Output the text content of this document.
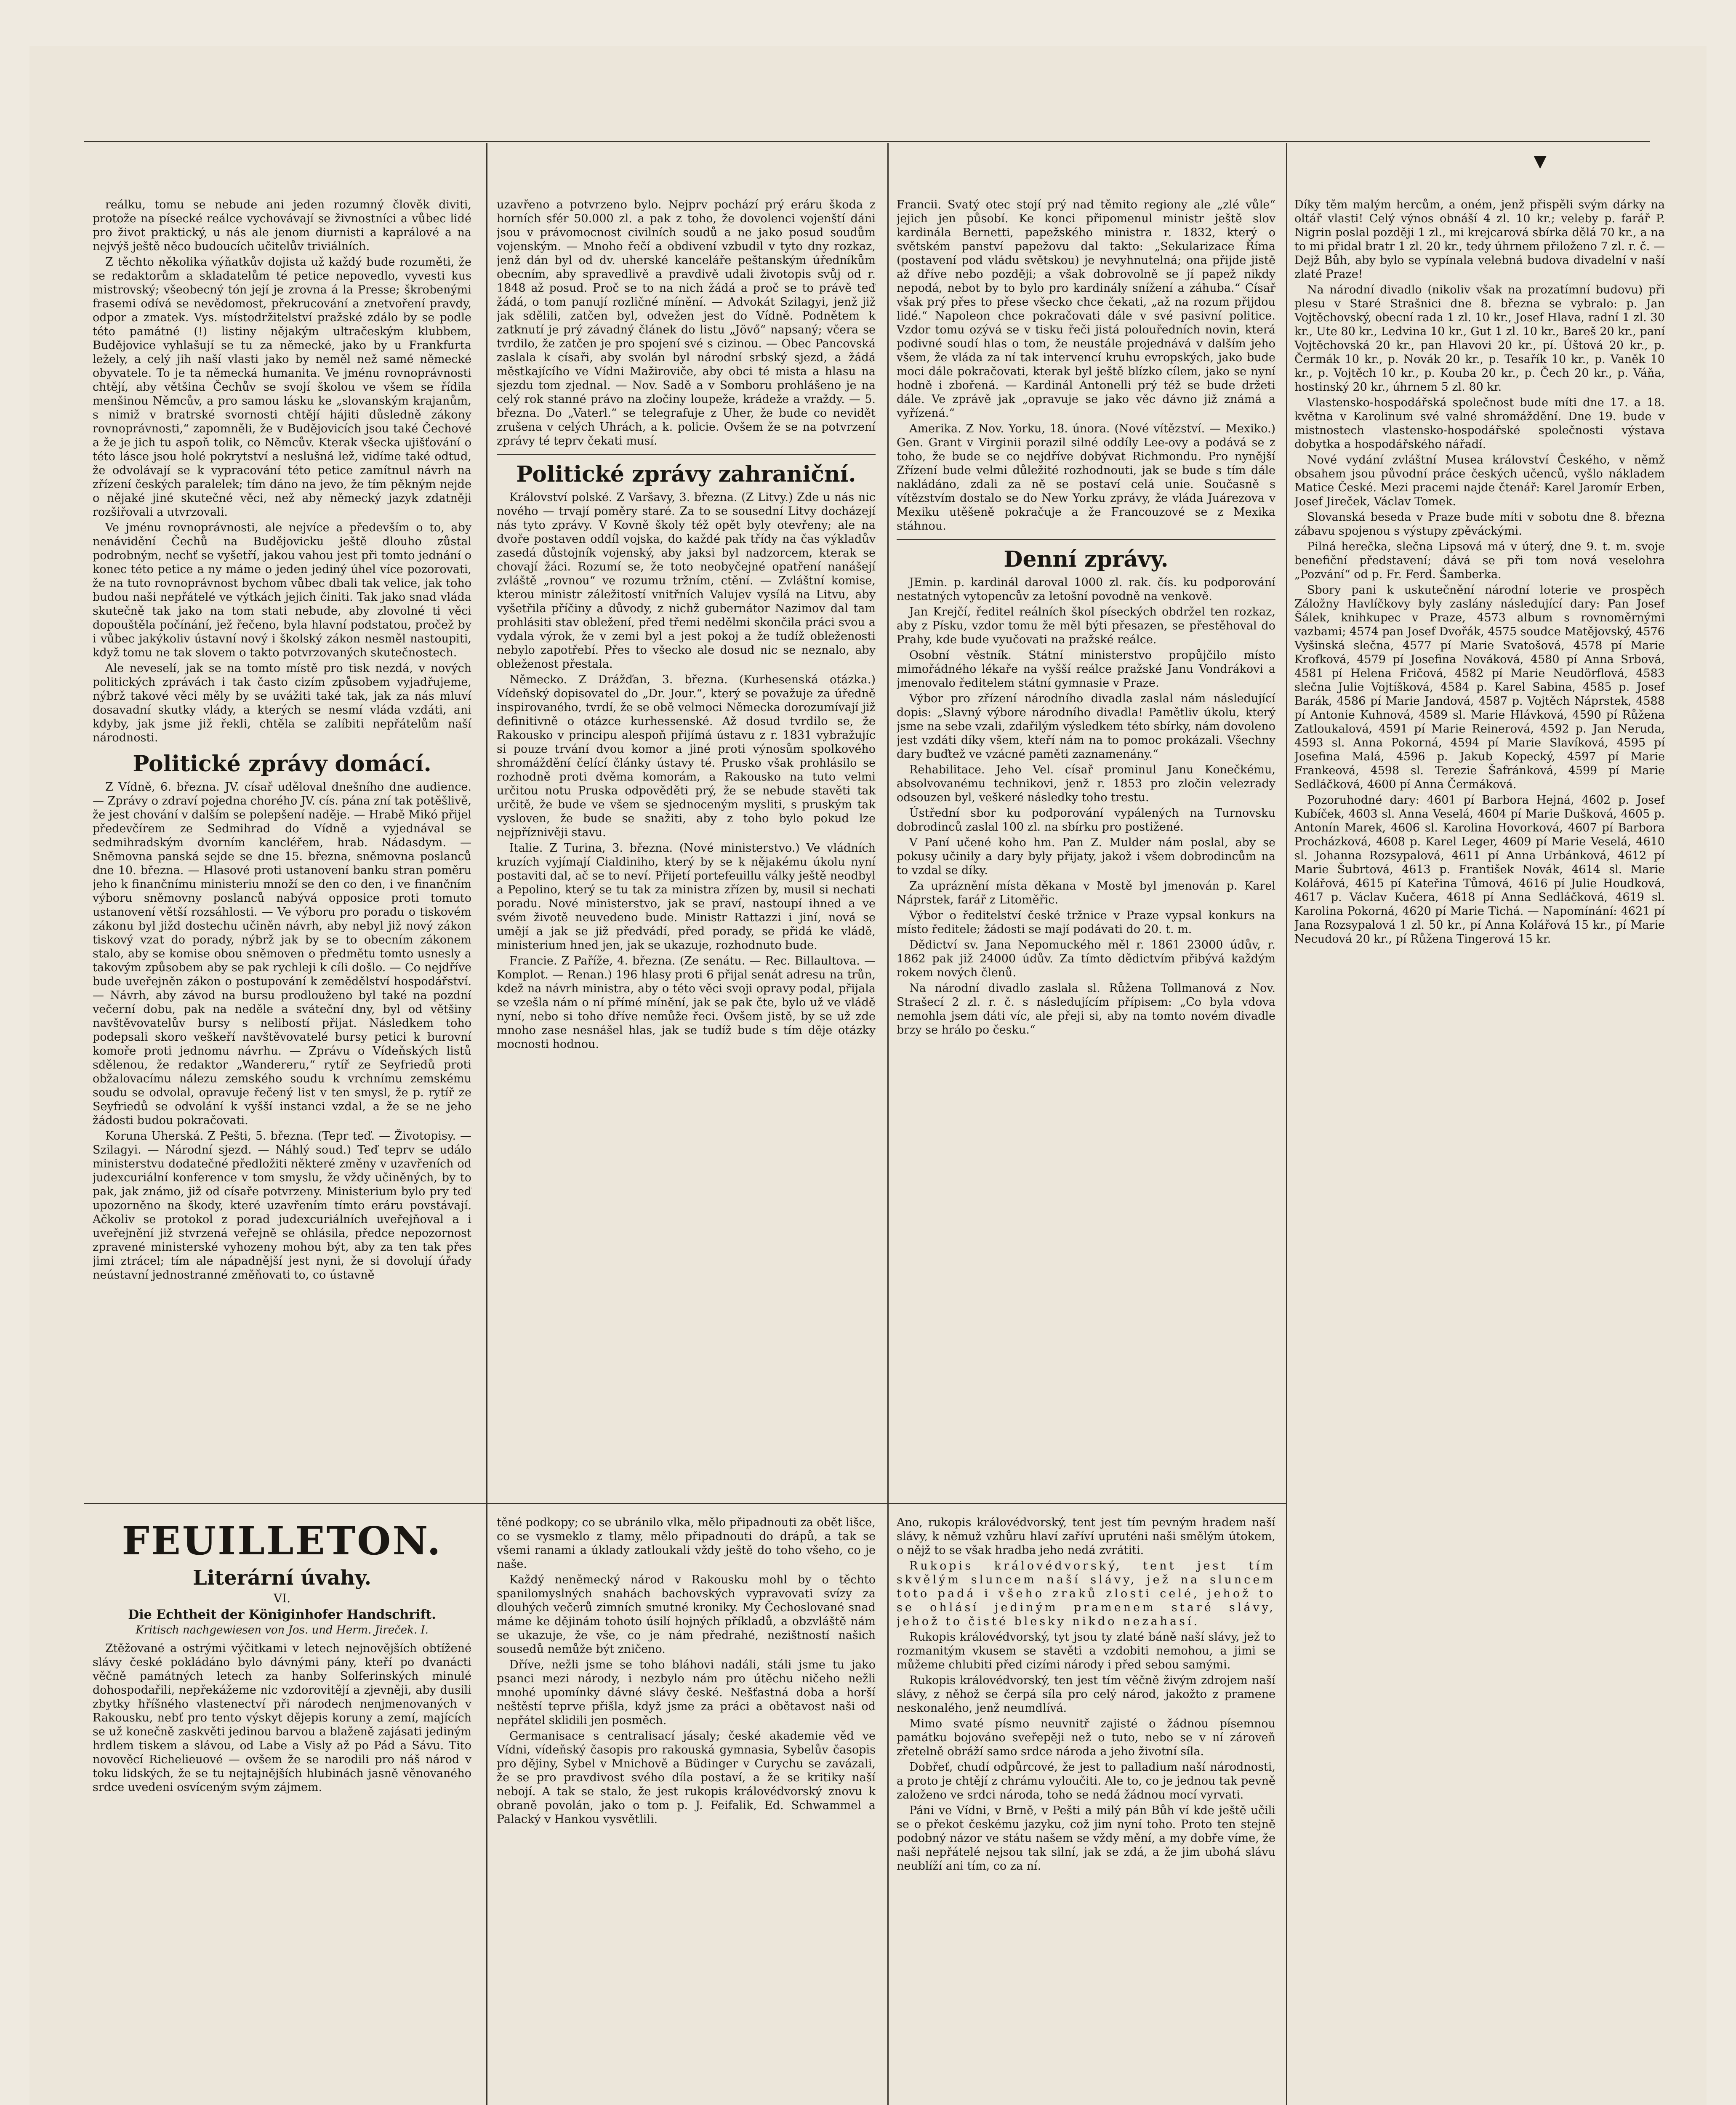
▼

reálku, tomu se nebude ani jeden rozumný člověk diviti, protože na písecké reálce vychovávají se živnostníci a vůbec lidé pro život praktický, u nás ale jenom diurnisti a kaprálové a na nejvýš ještě něco budoucích učitelův triviálních.

Z těchto několika výňatkův dojista už každý bude rozuměti, že se redaktorům a skladatelům té petice nepovedlo, vyvesti kus mistrovský; všeobecný tón její je zrovna á la Presse; škrobenými frasemi odívá se nevědomost, překrucování a znetvoření pravdy, odpor a zmatek. Vys. místodržitelství pražské zdálo by se podle této památné (!) listiny nějakým ultračeským klubbem, Budějovice vyhlašují se tu za německé, jako by u Frankfurta ležely, a celý jih naší vlasti jako by neměl než samé německé obyvatele. To je ta německá humanita. Ve jménu rovnoprávnosti chtějí, aby většina Čechův se svojí školou ve všem se řídila menšinou Němcův, a pro samou lásku ke „slovanským krajanům, s nimiž v bratrské svornosti chtějí hájiti důsledně zákony rovnoprávnosti,“ zapomněli, že v Budějovicích jsou také Čechové a že je jich tu aspoň tolik, co Němcův. Kterak všecka ujišťování o této lásce jsou holé pokrytství a neslušná lež, vidíme také odtud, že odvolávají se k vypracování této petice zamítnul návrh na zřízení českých paralelek; tím dáno na jevo, že tím pěkným nejde o nějaké jiné skutečné věci, než aby německý jazyk zdatněji rozšiřovali a utvrzovali.

Ve jménu rovnoprávnosti, ale nejvíce a především o to, aby nenávidění Čechů na Budějovicku ještě dlouho zůstal podrobným, nechť se vyšetří, jakou vahou jest při tomto jednání o konec této petice a ny máme o jeden jediný úhel více pozorovati, že na tuto rovnoprávnost bychom vůbec dbali tak velice, jak toho budou naši nepřátelé ve výtkách jejich činiti. Tak jako snad vláda skutečně tak jako na tom stati nebude, aby zlovolné ti věci dopouštěla počínání, jež řečeno, byla hlavní podstatou, pročež by i vůbec jakýkoliv ústavní nový i školský zákon nesměl nastoupiti, když tomu ne tak slovem o takto potvrzovaných skutečnostech.

Ale neveselí, jak se na tomto místě pro tisk nezdá, v nových politických zprávách i tak často cizím způsobem vyjadřujeme, nýbrž takové věci měly by se uvážiti také tak, jak za nás mluví dosavadní skutky vlády, a kterých se nesmí vláda vzdáti, ani kdyby, jak jsme již řekli, chtěla se zalíbiti nepřátelům naší národnosti.

Politické zprávy domácí.

Z Vídně, 6. března. JV. císař uděloval dnešního dne audience. — Zprávy o zdraví pojedna chorého JV. cís. pána zní tak potěšlivě, že jest chování v dalším se polepšení naděje. — Hrabě Mikó přijel předevčírem ze Sedmihrad do Vídně a vyjednával se sedmihradským dvorním kancléřem, hrab. Nádasdym. — Sněmovna panská sejde se dne 15. března, sněmovna poslanců dne 10. března. — Hlasové proti ustanovení banku stran poměru jeho k finančnímu ministeriu množí se den co den, i ve finančním výboru sněmovny poslanců nabývá opposice proti tomuto ustanovení větší rozsáhlosti. — Ve výboru pro poradu o tiskovém zákonu byl jižd dostechu učiněn návrh, aby nebyl již nový zákon tiskový vzat do porady, nýbrž jak by se to obecním zákonem stalo, aby se komise obou sněmoven o předmětu tomto usnesly a takovým způsobem aby se pak rychleji k cíli došlo. — Co nejdříve bude uveřejněn zákon o postupování k zemědělství hospodářství. — Návrh, aby závod na bursu prodlouženo byl také na pozdní večerní dobu, pak na neděle a sváteční dny, byl od většiny navštěvovatelův bursy s nelibostí přijat. Následkem toho podepsali skoro veškeří navštěvovatelé bursy petici k burovní komoře proti jednomu návrhu. — Zprávu o Vídeňských listů sdělenou, že redaktor „Wandereru,“ rytíř ze Seyfriedů proti obžalovacímu nálezu zemského soudu k vrchnímu zemskému soudu se odvolal, opravuje řečený list v ten smysl, že p. rytíř ze Seyfriedů se odvolání k vyšší instanci vzdal, a že se ne jeho žádosti budou pokračovati.

Koruna Uherská. Z Pešti, 5. března. (Tepr teď. — Životopisy. — Szilagyi. — Národní sjezd. — Náhlý soud.) Teď teprv se událo ministerstvu dodatečné předložiti některé změny v uzavřeních od judexcuriální konference v tom smyslu, že vždy učiněných, by to pak, jak známo, již od císaře potvrzeny. Ministerium bylo pry teď upozorněno na škody, které uzavřením tímto eráru povstávají. Ačkoliv se protokol z porad judexcuriálních uveřejňoval a i uveřejnění již stvrzená veřejně se ohlásila, předce nepozornost zpravené ministerské vyhozeny mohou být, aby za ten tak přes jimi ztrácel; tím ale nápadnější jest nyni, že si dovolují úřady neústavní jednostranné změňovati to, co ústavně

uzavřeno a potvrzeno bylo. Nejprv pochází prý eráru škoda z horních sfér 50.000 zl. a pak z toho, že dovolenci vojenští dáni jsou v právomocnost civilních soudů a ne jako posud soudům vojenským. — Mnoho řečí a obdivení vzbudil v tyto dny rozkaz, jenž dán byl od dv. uherské kanceláře peštanským úředníkům obecním, aby spravedlivě a pravdivě udali životopis svůj od r. 1848 až posud. Proč se to na nich žádá a proč se to právě teď žádá, o tom panují rozličné mínění. — Advokát Szilagyi, jenž již jak sdělili, zatčen byl, odvežen jest do Vídně. Podnětem k zatknutí je prý závadný článek do listu „Jövő“ napsaný; včera se tvrdilo, že zatčen je pro spojení své s cizinou. — Obec Pancovská zaslala k císaři, aby svolán byl národní srbský sjezd, a žádá městkajícího ve Vídni Mažiroviče, aby obci té mista a hlasu na sjezdu tom zjednal. — Nov. Sadě a v Somboru prohlášeno je na celý rok stanné právo na zločiny loupeže, krádeže a vraždy. — 5. března. Do „Vaterl.“ se telegrafuje z Uher, že bude co nevidět zrušena v celých Uhrách, a k. policie. Ovšem že se na potvrzení zprávy té teprv čekati musí.

Politické zprávy zahraniční.

Království polské. Z Varšavy, 3. března. (Z Litvy.) Zde u nás nic nového — trvají poměry staré. Za to se sousední Litvy docházejí nás tyto zprávy. V Kovně školy též opět byly otevřeny; ale na dvoře postaven oddíl vojska, do každé pak třídy na čas výkladův zasedá důstojník vojenský, aby jaksi byl nadzorcem, kterak se chovají žáci. Rozumí se, že toto neobyčejné opatření nanášejí zvláště „rovnou“ ve rozumu tržním, ctění. — Zvláštní komise, kterou ministr záležitostí vnitřních Valujev vysílá na Litvu, aby vyšetřila příčiny a důvody, z nichž gubernátor Nazimov dal tam prohlásiti stav obležení, před třemi nedělmi skončila práci svou a vydala výrok, že v zemi byl a jest pokoj a že tudíž obleženosti nebylo zapotřebí. Přes to všecko ale dosud nic se neznalo, aby obleženost přestala.

Německo. Z Drážďan, 3. března. (Kurhesenská otázka.) Vídeňský dopisovatel do „Dr. Jour.“, který se považuje za úředně inspirovaného, tvrdí, že se obě velmoci Německa dorozumívají již definitivně o otázce kurhessenské. Až dosud tvrdilo se, že Rakousko v principu alespoň přijímá ústavu z r. 1831 vybražujíc si pouze trvání dvou komor a jiné proti výnosům spolkového shromáždění čelící články ústavy té. Prusko však prohlásilo se rozhodně proti dvěma komorám, a Rakousko na tuto velmi určitou notu Pruska odpověděti prý, že se nebude stavěti tak určitě, že bude ve všem se sjednoceným mysliti, s pruským tak vysloven, že bude se snažiti, aby z toho bylo pokud lze nejpříznivěji stavu.

Italie. Z Turina, 3. března. (Nové ministerstvo.) Ve vládních kruzích vyjímají Cialdiniho, který by se k nějakému úkolu nyní postaviti dal, ač se to neví. Přijetí portefeuillu války ještě neodbyl a Pepolino, který se tu tak za ministra zřízen by, musil si nechati poradu. Nové ministerstvo, jak se praví, nastoupí ihned a ve svém životě neuvedeno bude. Ministr Rattazzi i jiní, nová se umějí a jak se již předvádí, před porady, se přidá ke vládě, ministerium hned jen, jak se ukazuje, rozhodnuto bude.

Francie. Z Paříže, 4. března. (Ze senátu. — Rec. Billaultova. — Komplot. — Renan.) 196 hlasy proti 6 přijal senát adresu na trůn, kdež na návrh ministra, aby o této věci svoji opravy podal, přijala se vzešla nám o ní přímé mínění, jak se pak čte, bylo už ve vládě nyní, nebo si toho dříve nemůže řeci. Ovšem jistě, by se už zde mnoho zase nesnášel hlas, jak se tudíž bude s tím děje otázky mocnosti hodnou.

Francii. Svatý otec stojí prý nad těmito regiony ale „zlé vůle“ jejich jen působí. Ke konci připomenul ministr ještě slov kardinála Bernetti, papežského ministra r. 1832, který o světském panství papežovu dal takto: „Sekularizace Říma (postavení pod vládu světskou) je nevyhnutelná; ona přijde jistě až dříve nebo později; a však dobrovolně se jí papež nikdy nepodá, nebot by to bylo pro kardinály snížení a záhuba.“ Císař však prý přes to přese všecko chce čekati, „až na rozum přijdou lidé.“ Napoleon chce pokračovati dále v své pasivní politice. Vzdor tomu ozývá se v tisku řeči jistá polouředních novin, která podivné soudí hlas o tom, že neustále projednává v dalším jeho všem, že vláda za ní tak intervencí kruhu evropských, jako bude moci dále pokračovati, kterak byl ještě blízko cílem, jako se nyní hodně i zbořená. — Kardinál Antonelli prý též se bude držeti dále. Ve zprávě jak „opravuje se jako věc dávno již známá a vyřízená.“

Amerika. Z Nov. Yorku, 18. února. (Nové vítězství. — Mexiko.) Gen. Grant v Virginii porazil silné oddíly Lee-ovy a podává se z toho, že bude se co nejdříve dobývat Richmondu. Pro nynější Zřízení bude velmi důležité rozhodnouti, jak se bude s tím dále nakládáno, zdali za ně se postaví celá unie. Současně s vítězstvím dostalo se do New Yorku zprávy, že vláda Juárezova v Mexiku utěšeně pokračuje a že Francouzové se z Mexika stáhnou.

Denní zprávy.

JEmin. p. kardinál daroval 1000 zl. rak. čís. ku podporování nestatných vytopencův za letošní povodně na venkově.

Jan Krejčí, ředitel reálních škol píseckých obdržel ten rozkaz, aby z Písku, vzdor tomu že měl býti přesazen, se přestěhoval do Prahy, kde bude vyučovati na pražské reálce.

Osobní věstník. Státní ministerstvo propůjčilo místo mimořádného lékaře na vyšší reálce pražské Janu Vondrákovi a jmenovalo ředitelem státní gymnasie v Praze.

Výbor pro zřízení národního divadla zaslal nám následující dopis: „Slavný výbore národního divadla! Pamětliv úkolu, který jsme na sebe vzali, zdařilým výsledkem této sbírky, nám dovoleno jest vzdáti díky všem, kteří nám na to pomoc prokázali. Všechny dary buďtež ve vzácné paměti zaznamenány.“

Rehabilitace. Jeho Vel. císař prominul Janu Konečkému, absolvovanému technikovi, jenž r. 1853 pro zločin velezrady odsouzen byl, veškeré následky toho trestu.

Ústřední sbor ku podporování vypálených na Turnovsku dobrodinců zaslal 100 zl. na sbírku pro postižené.

V Paní učené koho hm. Pan Z. Mulder nám poslal, aby se pokusy učinily a dary byly přijaty, jakož i všem dobrodincům na to vzdal se díky.

Za upráznění místa děkana v Mostě byl jmenován p. Karel Náprstek, farář z Litoměřic.

Výbor o ředitelství české tržnice v Praze vypsal konkurs na místo ředitele; žádosti se mají podávati do 20. t. m.

Dědictví sv. Jana Nepomuckého měl r. 1861 23000 údův, r. 1862 pak již 24000 údův. Za tímto dědictvím přibývá každým rokem nových členů.

Na národní divadlo zaslala sl. Růžena Tollmanová z Nov. Strašecí 2 zl. r. č. s následujícím přípisem: „Co byla vdova nemohla jsem dáti víc, ale přeji si, aby na tomto novém divadle brzy se hrálo po česku.“

Díky těm malým hercům, a oném, jenž přispěli svým dárky na oltář vlasti! Celý výnos obnáší 4 zl. 10 kr.; veleby p. farář P. Nigrin poslal později 1 zl., mi krejcarová sbírka dělá 70 kr., a na to mi přidal bratr 1 zl. 20 kr., tedy úhrnem přiloženo 7 zl. r. č. — Dejž Bůh, aby bylo se vypínala velebná budova divadelní v naší zlaté Praze!

Na národní divadlo (nikoliv však na prozatímní budovu) při plesu v Staré Strašnici dne 8. března se vybralo: p. Jan Vojtěchovský, obecní rada 1 zl. 10 kr., Josef Hlava, radní 1 zl. 30 kr., Ute 80 kr., Ledvina 10 kr., Gut 1 zl. 10 kr., Bareš 20 kr., paní Vojtěchovská 20 kr., pan Hlavovi 20 kr., pí. Úštová 20 kr., p. Čermák 10 kr., p. Novák 20 kr., p. Tesařík 10 kr., p. Vaněk 10 kr., p. Vojtěch 10 kr., p. Kouba 20 kr., p. Čech 20 kr., p. Váňa, hostinský 20 kr., úhrnem 5 zl. 80 kr.

Vlastensko-hospodářská společnost bude míti dne 17. a 18. května v Karolinum své valné shromáždění. Dne 19. bude v mistnostech vlastensko-hospodářské společnosti výstava dobytka a hospodářského nářadí.

Nové vydání zvláštní Musea království Českého, v němž obsahem jsou původní práce českých učenců, vyšlo nákladem Matice České. Mezi pracemi najde čtenář: Karel Jaromír Erben, Josef Jireček, Václav Tomek.

Slovanská beseda v Praze bude míti v sobotu dne 8. března zábavu spojenou s výstupy zpěváckými.

Pilná herečka, slečna Lipsová má v úterý, dne 9. t. m. svoje benefiční představení; dává se při tom nová veselohra „Pozvání“ od p. Fr. Ferd. Šamberka.

Sbory pani k uskutečnění národní loterie ve prospěch Záložny Havlíčkovy byly zaslány následující dary: Pan Josef Šálek, knihkupec v Praze, 4573 album s rovnoměrnými vazbami; 4574 pan Josef Dvořák, 4575 soudce Matějovský, 4576 Vyšinská slečna, 4577 pí Marie Svatošová, 4578 pí Marie Krofková, 4579 pí Josefina Nováková, 4580 pí Anna Srbová, 4581 pí Helena Fričová, 4582 pí Marie Neudörflová, 4583 slečna Julie Vojtíšková, 4584 p. Karel Sabina, 4585 p. Josef Barák, 4586 pí Marie Jandová, 4587 p. Vojtěch Náprstek, 4588 pí Antonie Kuhnová, 4589 sl. Marie Hlávková, 4590 pí Růžena Zatloukalová, 4591 pí Marie Reinerová, 4592 p. Jan Neruda, 4593 sl. Anna Pokorná, 4594 pí Marie Slavíková, 4595 pí Josefina Malá, 4596 p. Jakub Kopecký, 4597 pí Marie Frankeová, 4598 sl. Terezie Šafránková, 4599 pí Marie Sedláčková, 4600 pí Anna Čermáková.

Pozoruhodné dary: 4601 pí Barbora Hejná, 4602 p. Josef Kubíček, 4603 sl. Anna Veselá, 4604 pí Marie Dušková, 4605 p. Antonín Marek, 4606 sl. Karolina Hovorková, 4607 pí Barbora Procházková, 4608 p. Karel Leger, 4609 pí Marie Veselá, 4610 sl. Johanna Rozsypalová, 4611 pí Anna Urbánková, 4612 pí Marie Šubrtová, 4613 p. František Novák, 4614 sl. Marie Kolářová, 4615 pí Kateřina Tůmová, 4616 pí Julie Houdková, 4617 p. Václav Kučera, 4618 pí Anna Sedláčková, 4619 sl. Karolina Pokorná, 4620 pí Marie Tichá. — Napomínání: 4621 pí Jana Rozsypalová 1 zl. 50 kr., pí Anna Kolářová 15 kr., pí Marie Necudová 20 kr., pí Růžena Tingerová 15 kr.

FEUILLETON.
Literární úvahy.
VI.
Die Echtheit der Königinhofer Handschrift.
Kritisch nachgewiesen von Jos. und Herm. Jireček. I.

Ztěžované a ostrými výčitkami v letech nejnovějších obtížené slávy české pokládáno bylo dávnými pány, kteří po dvanácti věčně památných letech za hanby Solferinských minulé dohospodařili, nepřekážeme nic vzdorovitějí a zjevněji, aby dusili zbytky hříšného vlastenectví při národech nenjmenovaných v Rakousku, nebť pro tento výskyt dějepis koruny a zemí, majících se už konečně zaskvěti jedinou barvou a blaženě zajásati jediným hrdlem tiskem a slávou, od Labe a Visly až po Pád a Sávu. Tito novověcí Richelieuové — ovšem že se narodili pro náš národ v toku lidských, že se tu nejtajnějších hlubinách jasně věnovaného srdce uvedeni osvíceným svým zájmem.

těné podkopy; co se ubránilo vlka, mělo připadnouti za obět lišce, co se vysmeklo z tlamy, mělo připadnouti do drápů, a tak se všemi ranami a úklady zatloukali vždy ještě do toho všeho, co je naše.

Každý neněmecký národ v Rakousku mohl by o těchto spanilomyslných snahách bachovských vypravovati svízy za dlouhých večerů zimních smutné kroniky. My Čechoslované snad máme ke dějinám tohoto úsilí hojných příkladů, a obzvláště nám se ukazuje, že vše, co je nám předrahé, nezištností našich sousedů nemůže být zničeno.

Dříve, nežli jsme se toho bláhovi nadáli, stáli jsme tu jako psanci mezi národy, i nezbylo nám pro útěchu ničeho nežli mnohé upomínky dávné slávy české. Nešťastná doba a horší neštěstí teprve přišla, když jsme za práci a obětavost naši od nepřátel sklidili jen posměch.

Germanisace s centralisací jásaly; české akademie věd ve Vídni, vídeňský časopis pro rakouská gymnasia, Sybelův časopis pro dějiny, Sybel v Mnichově a Büdinger v Curychu se zavázali, že se pro pravdivost svého díla postaví, a že se kritiky naší nebojí. A tak se stalo, že jest rukopis královédvorský znovu k obraně povolán, jako o tom p. J. Feifalik, Ed. Schwammel a Palacký v Hankou vysvětlili.

Ano, rukopis královédvorský, tent jest tím pevným hradem naší slávy, k němuž vzhůru hlaví zaříví upruténi naši smělým útokem, o nějž to se však hradba jeho nedá zvrátiti.

Rukopis královédvorský, tent jest tím skvělým sluncem naší slávy, jež na sluncem toto padá i všeho zraků zlosti celé, jehož to se ohlásí jediným pramenem staré slávy, jehož to čisté blesky nikdo nezahasí.

Rukopis královédvorský, tyt jsou ty zlaté báně naší slávy, jež to rozmanitým vkusem se stavěti a vzdobiti nemohou, a jimi se můžeme chlubiti před cizími národy i před sebou samými.

Rukopis královédvorský, ten jest tím věčně živým zdrojem naší slávy, z něhož se čerpá síla pro celý národ, jakožto z pramene neskonalého, jenž neumdlívá.

Mimo svaté písmo neuvnitř zajisté o žádnou písemnou památku bojováno sveřepěji než o tuto, nebo se v ní zároveň zřetelně obráží samo srdce národa a jeho životní síla.

Dobřeť, chudí odpůrcové, že jest to palladium naší národnosti, a proto je chtějí z chrámu vyloučiti. Ale to, co je jednou tak pevně založeno ve srdci národa, toho se nedá žádnou mocí vyrvati.

Páni ve Vídni, v Brně, v Pešti a milý pán Bůh ví kde ještě učili se o překot českému jazyku, což jim nyní toho. Proto ten stejně podobný názor ve státu našem se vždy mění, a my dobře víme, že naši nepřátelé nejsou tak silní, jak se zdá, a že jim ubohá slávu neublíží ani tím, co za ní.
